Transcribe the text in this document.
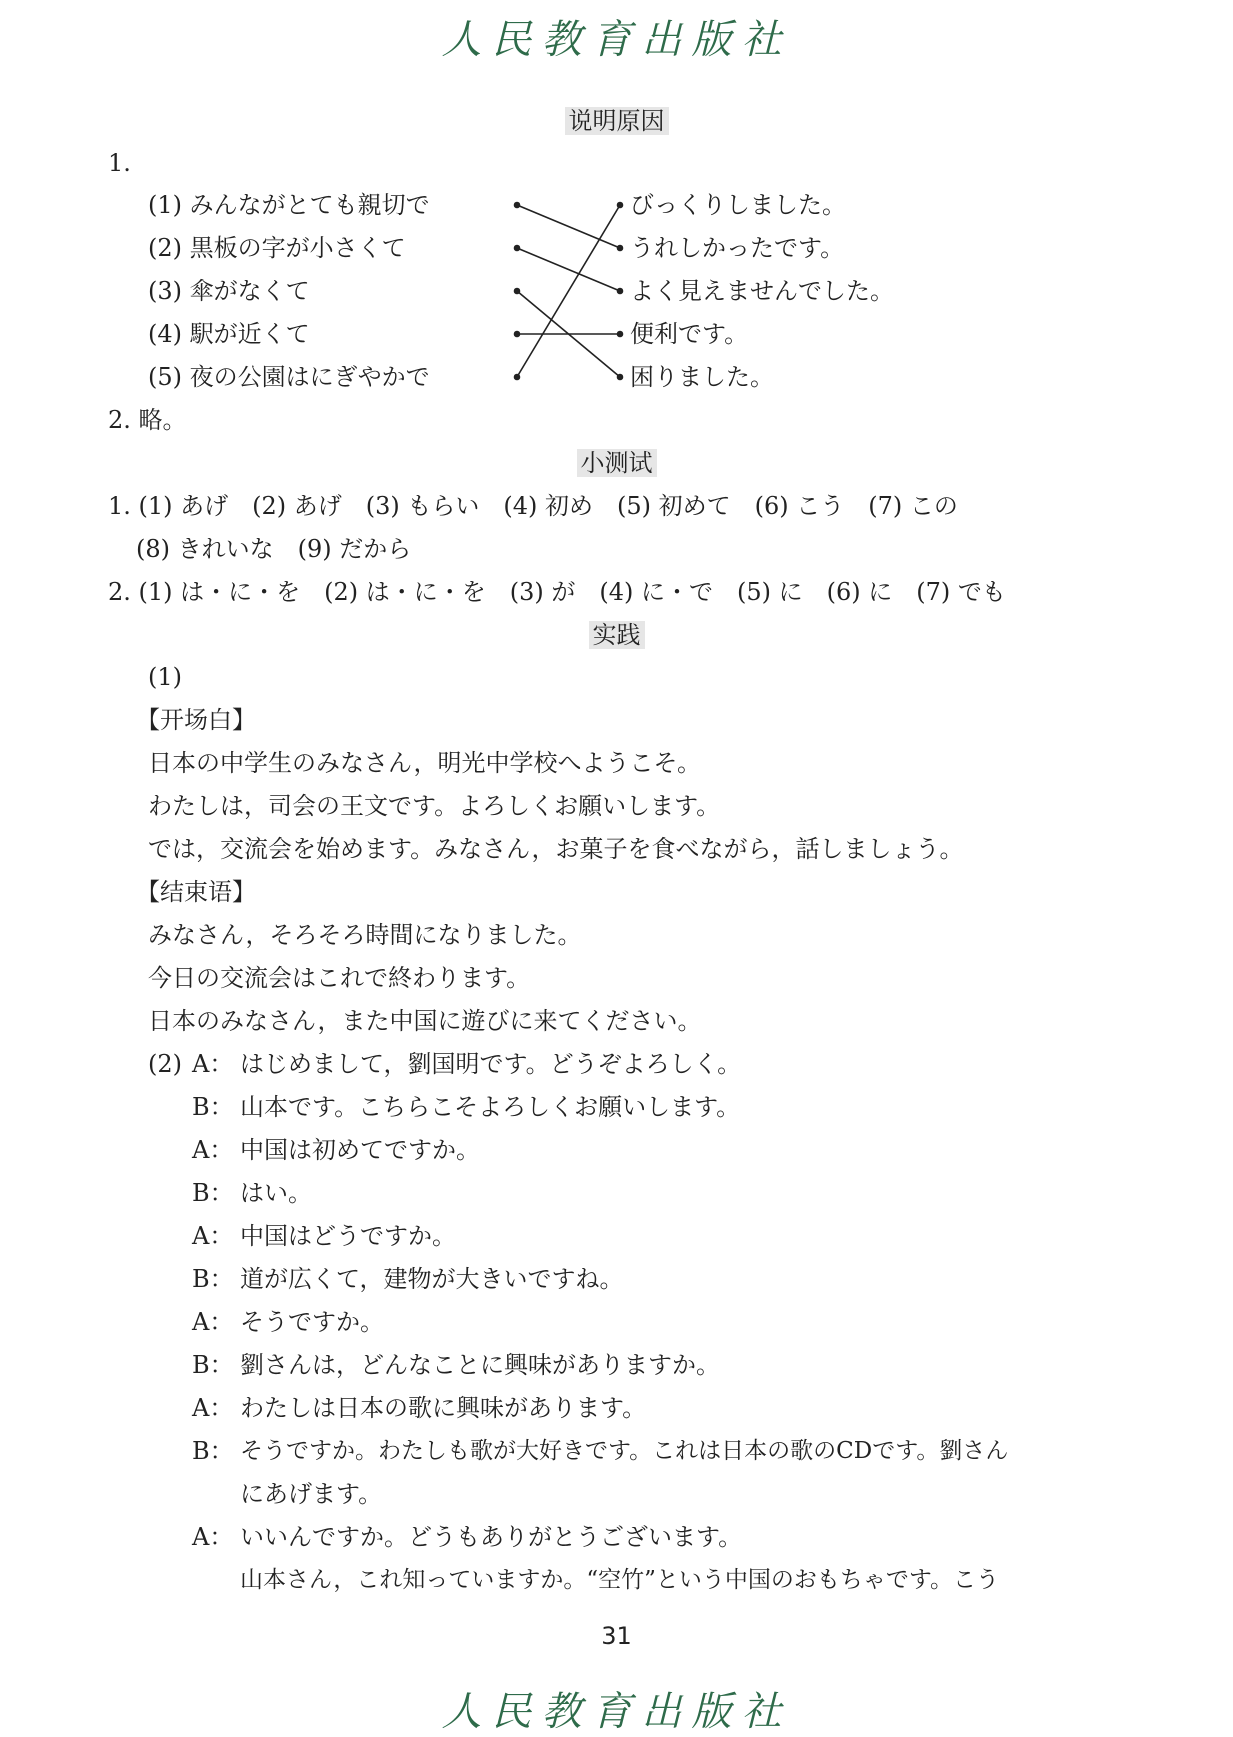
人民教育出版社
说明原因
1.
(1) みんながとても親切で
(2) 黒板の字が小さくて
(3) 傘がなくて
(4) 駅が近くて
(5) 夜の公園はにぎやかで
びっくりしました。
うれしかったです。
よく見えませんでした。
便利です。
困りました。
2. 略。
小测试
1. (1) あげ　(2) あげ　(3) もらい　(4) 初め　(5) 初めて　(6) こう　(7) この
(8) きれいな　(9) だから
2. (1) は・に・を　(2) は・に・を　(3) が　(4) に・で　(5) に　(6) に　(7) でも
实践
(1)
【开场白】
日本の中学生のみなさん，明光中学校へようこそ。
わたしは，司会の王文です。よろしくお願いします。
では，交流会を始めます。みなさん，お菓子を食べながら，話しましょう。
【结束语】
みなさん，そろそろ時間になりました。
今日の交流会はこれで終わります。
日本のみなさん，また中国に遊びに来てください。
(2) A： はじめまして，劉国明です。どうぞよろしく。
B： 山本です。こちらこそよろしくお願いします。
A： 中国は初めてですか。
B： はい。
A： 中国はどうですか。
B： 道が広くて，建物が大きいですね。
A： そうですか。
B： 劉さんは，どんなことに興味がありますか。
A： わたしは日本の歌に興味があります。
B： そうですか。わたしも歌が大好きです。これは日本の歌のCDです。劉さん
にあげます。
A： いいんですか。どうもありがとうございます。
山本さん，これ知っていますか。“空竹”という中国のおもちゃです。こう
31
人民教育出版社
